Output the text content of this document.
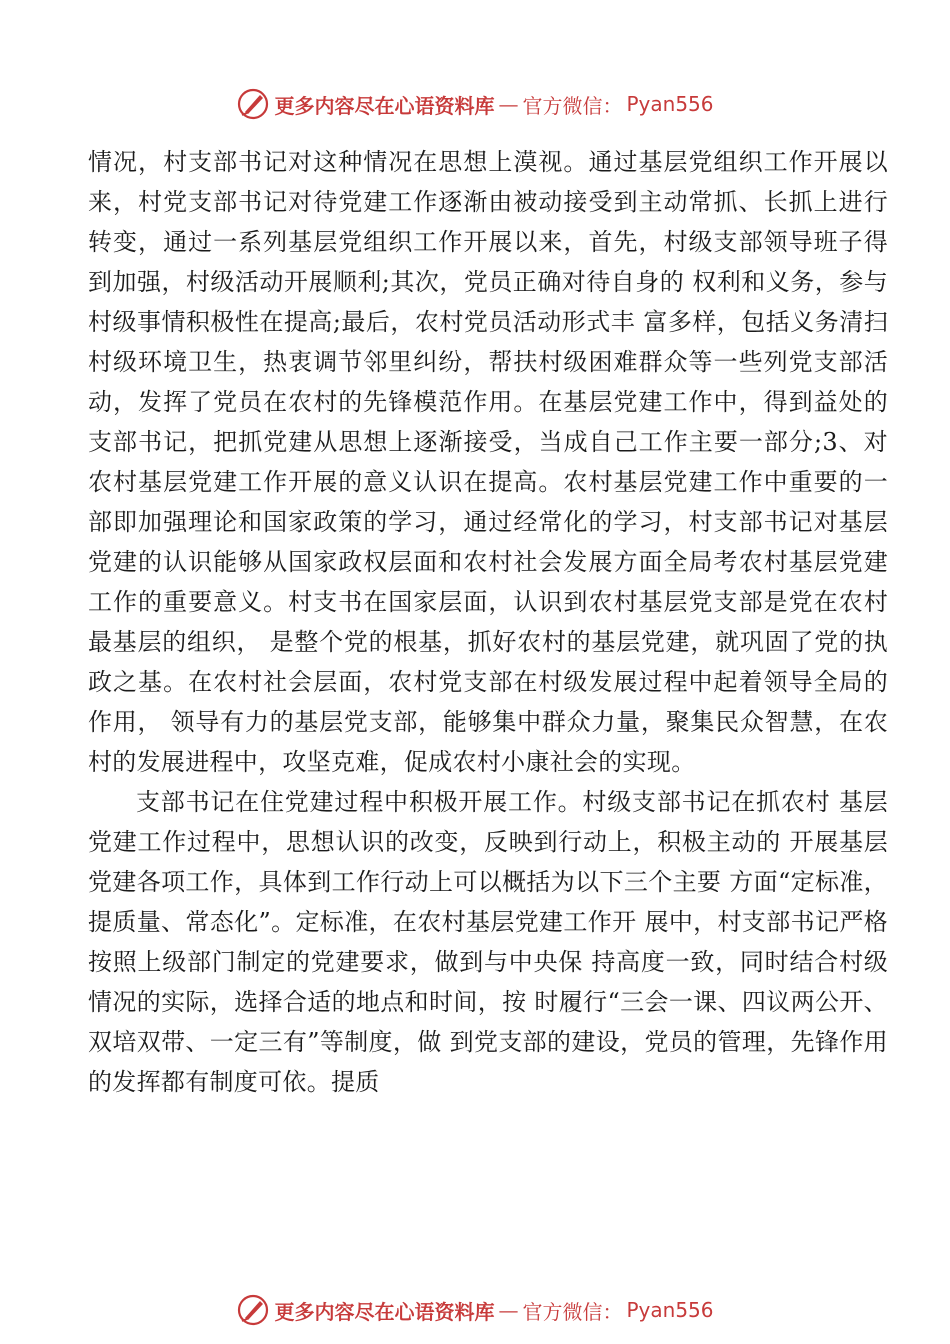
更多内容尽在心语资料库 — 官方微信： Pyan556

情况，村支部书记对这种情况在思想上漠视。通过基层党组织工作开展以来，村党支部书记对待党建工作逐渐由被动接受到主动常抓、长抓上进行转变，通过一系列基层党组织工作开展以来，首先，村级支部领导班子得到加强，村级活动开展顺利;其次，党员正确对待自身的 权利和义务，参与村级事情积极性在提高;最后，农村党员活动形式丰 富多样，包括义务清扫村级环境卫生，热衷调节邻里纠纷，帮扶村级困难群众等一些列党支部活动，发挥了党员在农村的先锋模范作用。在基层党建工作中，得到益处的支部书记，把抓党建从思想上逐渐接受，当成自己工作主要一部分;3、对农村基层党建工作开展的意义认识在提高。农村基层党建工作中重要的一部即加强理论和国家政策的学习，通过经常化的学习，村支部书记对基层党建的认识能够从国家政权层面和农村社会发展方面全局考农村基层党建工作的重要意义。村支书在国家层面，认识到农村基层党支部是党在农村最基层的组织， 是整个党的根基，抓好农村的基层党建，就巩固了党的执政之基。在农村社会层面，农村党支部在村级发展过程中起着领导全局的作用， 领导有力的基层党支部，能够集中群众力量，聚集民众智慧，在农村的发展进程中，攻坚克难，促成农村小康社会的实现。

支部书记在住党建过程中积极开展工作。村级支部书记在抓农村 基层党建工作过程中，思想认识的改变，反映到行动上，积极主动的 开展基层党建各项工作，具体到工作行动上可以概括为以下三个主要 方面“定标准，提质量、常态化”。定标准，在农村基层党建工作开 展中，村支部书记严格按照上级部门制定的党建要求，做到与中央保 持高度一致，同时结合村级情况的实际，选择合适的地点和时间，按 时履行“三会一课、四议两公开、双培双带、一定三有”等制度，做 到党支部的建设，党员的管理，先锋作用的发挥都有制度可依。提质

更多内容尽在心语资料库 — 官方微信： Pyan556
